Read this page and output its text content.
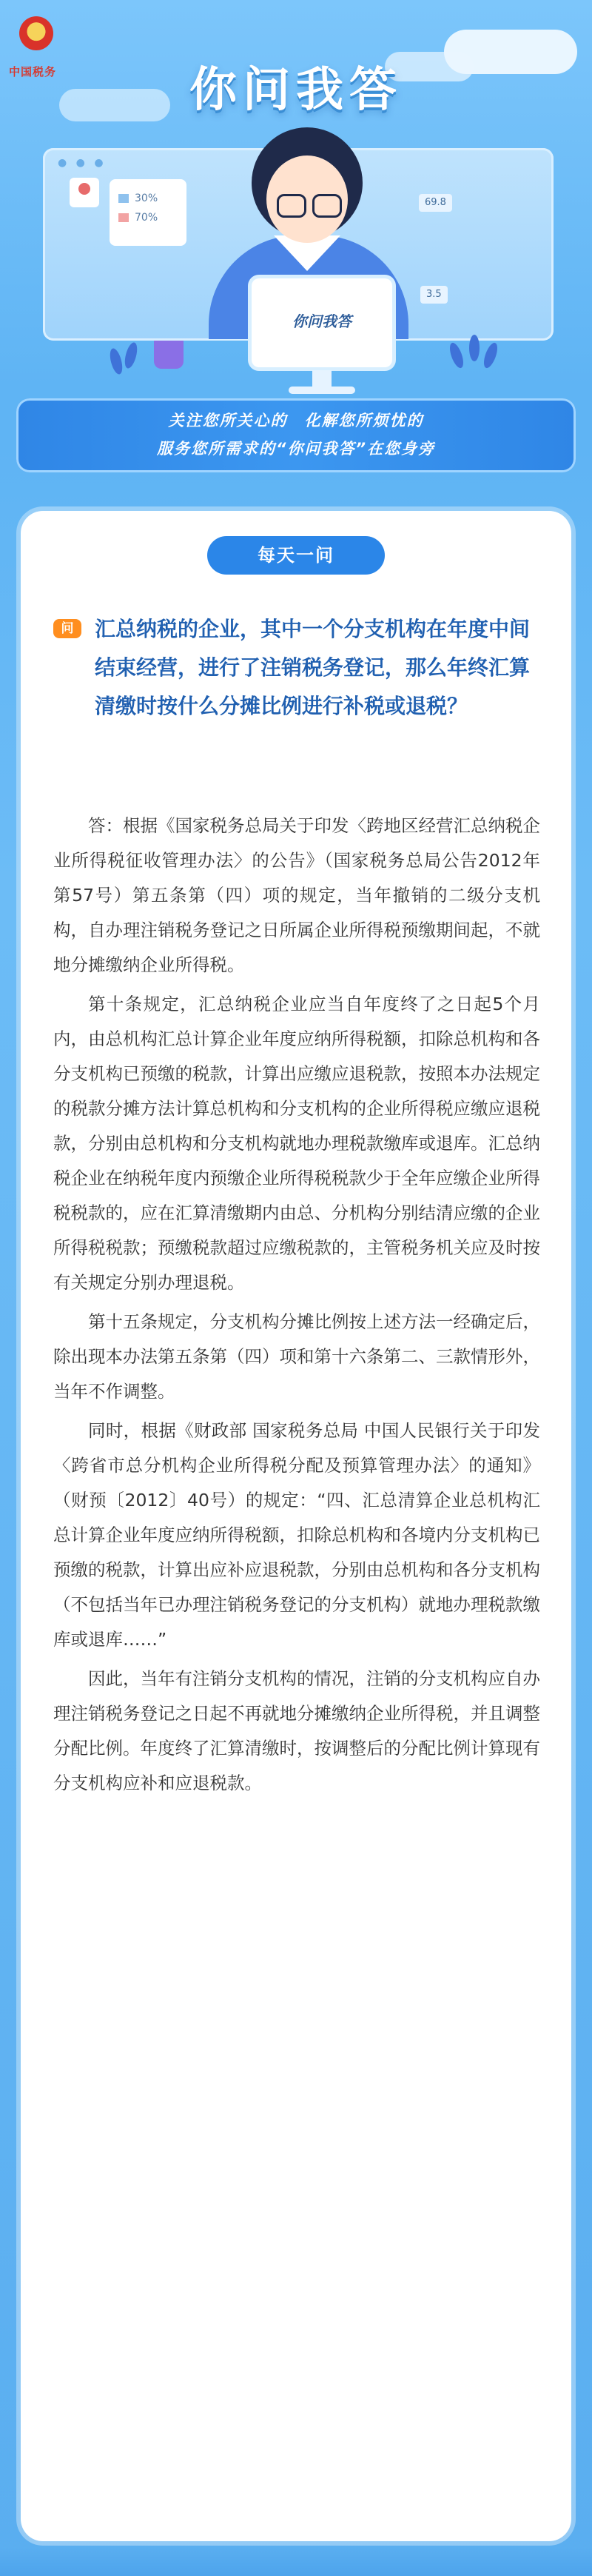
中国税务	你问我答
● ● ●
30%
70%
69.8
3.5
你问我答
关注您所关心的　化解您所烦忧的
服务您所需求的“你问我答”在您身旁
每天一问
问	汇总纳税的企业，其中一个分支机构在年度中间结束经营，进行了注销税务登记，那么年终汇算清缴时按什么分摊比例进行补税或退税？

答：根据《国家税务总局关于印发〈跨地区经营汇总纳税企业所得税征收管理办法〉的公告》（国家税务总局公告2012年第57号）第五条第（四）项的规定，当年撤销的二级分支机构，自办理注销税务登记之日所属企业所得税预缴期间起，不就地分摊缴纳企业所得税。

第十条规定，汇总纳税企业应当自年度终了之日起5个月内，由总机构汇总计算企业年度应纳所得税额，扣除总机构和各分支机构已预缴的税款，计算出应缴应退税款，按照本办法规定的税款分摊方法计算总机构和分支机构的企业所得税应缴应退税款，分别由总机构和分支机构就地办理税款缴库或退库。汇总纳税企业在纳税年度内预缴企业所得税税款少于全年应缴企业所得税税款的，应在汇算清缴期内由总、分机构分别结清应缴的企业所得税税款；预缴税款超过应缴税款的，主管税务机关应及时按有关规定分别办理退税。

第十五条规定，分支机构分摊比例按上述方法一经确定后，除出现本办法第五条第（四）项和第十六条第二、三款情形外，当年不作调整。

同时，根据《财政部 国家税务总局 中国人民银行关于印发〈跨省市总分机构企业所得税分配及预算管理办法〉的通知》（财预〔2012〕40号）的规定：“四、汇总清算企业总机构汇总计算企业年度应纳所得税额，扣除总机构和各境内分支机构已预缴的税款，计算出应补应退税款，分别由总机构和各分支机构（不包括当年已办理注销税务登记的分支机构）就地办理税款缴库或退库……”

因此，当年有注销分支机构的情况，注销的分支机构应自办理注销税务登记之日起不再就地分摊缴纳企业所得税，并且调整分配比例。年度终了汇算清缴时，按调整后的分配比例计算现有分支机构应补和应退税款。
